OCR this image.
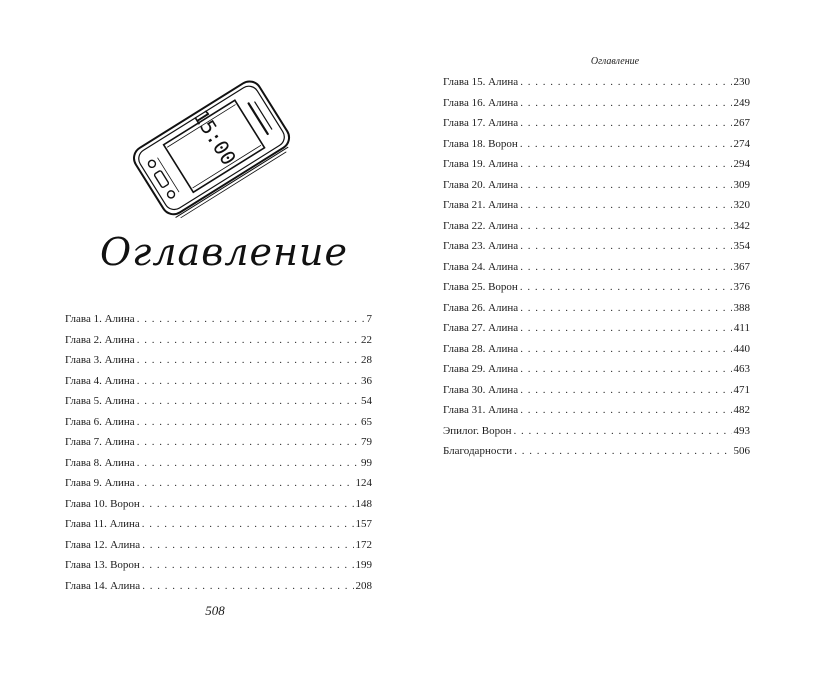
15:00
Оглавление
Глава 1. Алина . . .	7
Глава 2. Алина . . .	22
Глава 3. Алина . . .	28
Глава 4. Алина . . .	36
Глава 5. Алина . . .	54
Глава 6. Алина . . .	65
Глава 7. Алина . . .	79
Глава 8. Алина . . .	99
Глава 9. Алина . . .	124
Глава 10. Ворон . . .	148
Глава 11. Алина . . .	157
Глава 12. Алина . . .	172
Глава 13. Ворон . . .	199
Глава 14. Алина . . .	208
508
Оглавление
Глава 15. Алина . . .	230
Глава 16. Алина . . .	249
Глава 17. Алина . . .	267
Глава 18. Ворон . . .	274
Глава 19. Алина . . .	294
Глава 20. Алина . . .	309
Глава 21. Алина . . .	320
Глава 22. Алина . . .	342
Глава 23. Алина . . .	354
Глава 24. Алина . . .	367
Глава 25. Ворон . . .	376
Глава 26. Алина . . .	388
Глава 27. Алина . . .	411
Глава 28. Алина . . .	440
Глава 29. Алина . . .	463
Глава 30. Алина . . .	471
Глава 31. Алина . . .	482
Эпилог. Ворон . . .	493
Благодарности . . .	506
